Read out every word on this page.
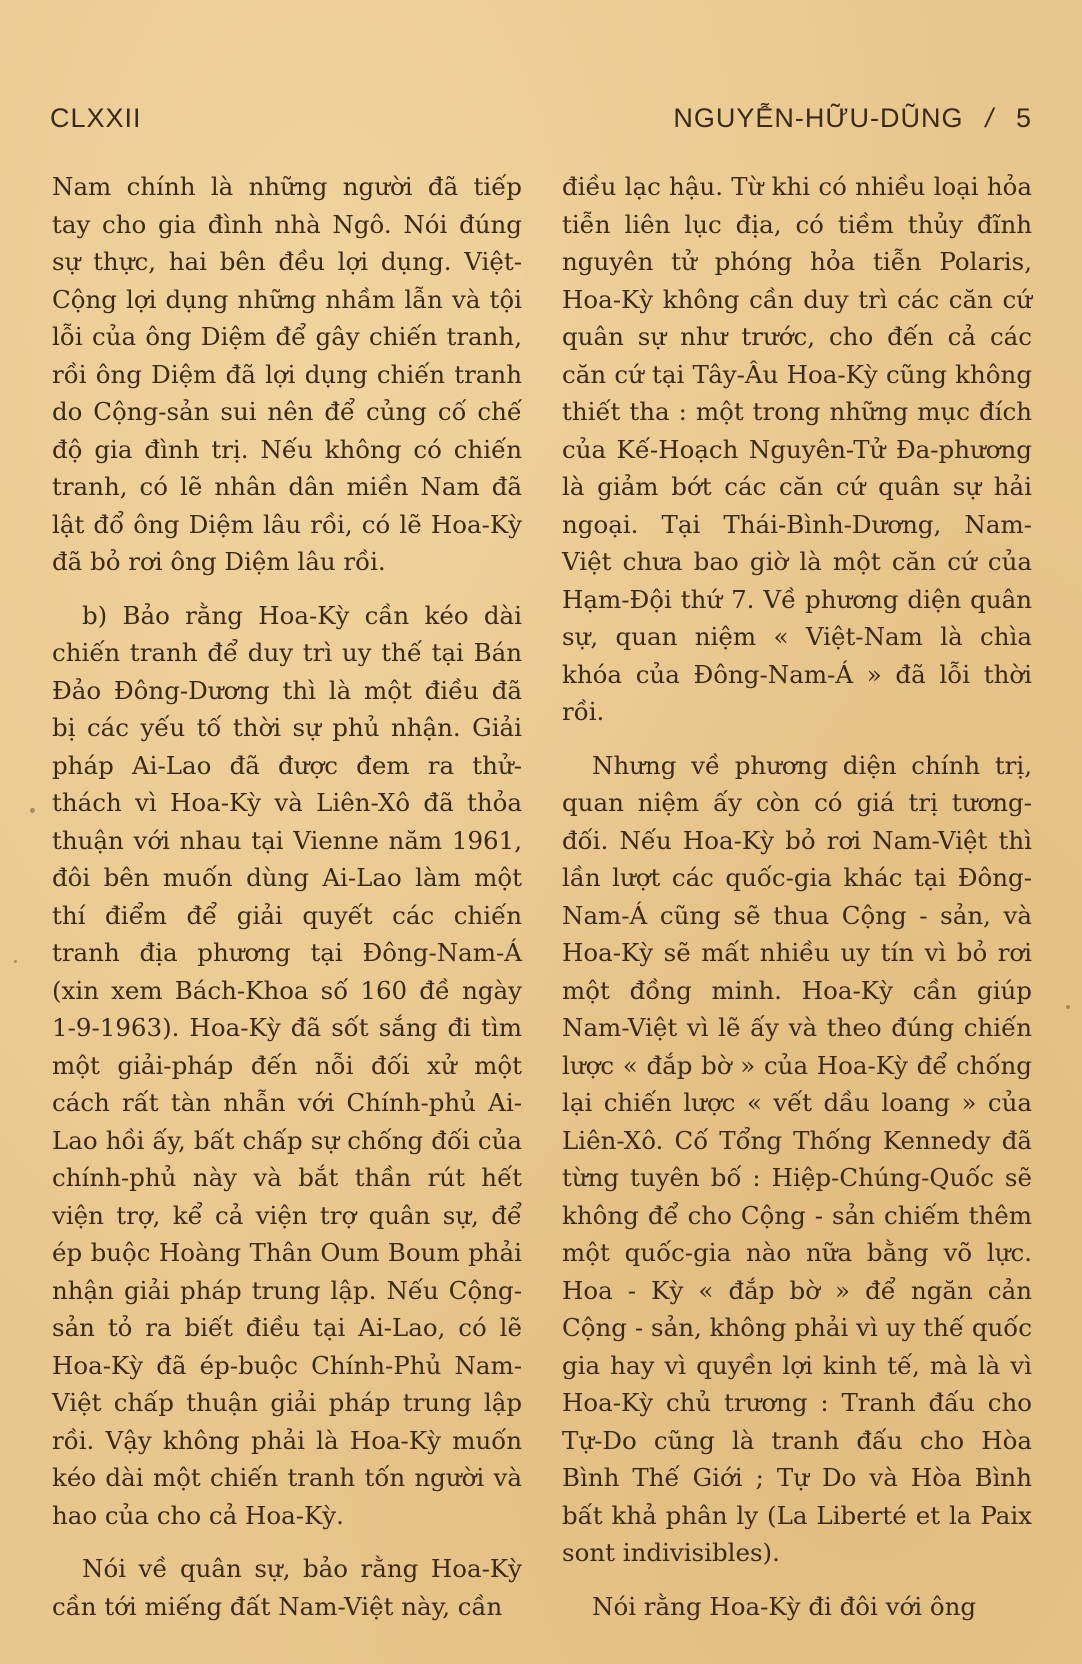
CLXXII	NGUYỄN-HỮU-DŨNG / 5

Nam chính là những người đã tiếp tay cho gia đình nhà Ngô. Nói đúng sự thực, hai bên đều lợi dụng. Việt-Cộng lợi dụng những nhầm lẫn và tội lỗi của ông Diệm để gây chiến tranh, rồi ông Diệm đã lợi dụng chiến tranh do Cộng-sản sui nên để củng cố chế độ gia đình trị. Nếu không có chiến tranh, có lẽ nhân dân miền Nam đã lật đổ ông Diệm lâu rồi, có lẽ Hoa-Kỳ đã bỏ rơi ông Diệm lâu rồi.

b) Bảo rằng Hoa-Kỳ cần kéo dài chiến tranh để duy trì uy thế tại Bán Đảo Đông-Dương thì là một điều đã bị các yếu tố thời sự phủ nhận. Giải pháp Ai-Lao đã được đem ra thử-thách vì Hoa-Kỳ và Liên-Xô đã thỏa thuận với nhau tại Vienne năm 1961, đôi bên muốn dùng Ai-Lao làm một thí điểm để giải quyết các chiến tranh địa phương tại Đông-Nam-Á (xin xem Bách-Khoa số 160 đề ngày 1-9-1963). Hoa-Kỳ đã sốt sắng đi tìm một giải-pháp đến nỗi đối xử một cách rất tàn nhẫn với Chính-phủ Ai-Lao hồi ấy, bất chấp sự chống đối của chính-phủ này và bắt thần rút hết viện trợ, kể cả viện trợ quân sự, để ép buộc Hoàng Thân Oum Boum phải nhận giải pháp trung lập. Nếu Cộng-sản tỏ ra biết điều tại Ai-Lao, có lẽ Hoa-Kỳ đã ép-buộc Chính-Phủ Nam-Việt chấp thuận giải pháp trung lập rồi. Vậy không phải là Hoa-Kỳ muốn kéo dài một chiến tranh tốn người và hao của cho cả Hoa-Kỳ.

Nói về quân sự, bảo rằng Hoa-Kỳ cần tới miếng đất Nam-Việt này, cần

điều lạc hậu. Từ khi có nhiều loại hỏa tiễn liên lục địa, có tiềm thủy đĩnh nguyên tử phóng hỏa tiễn Polaris, Hoa-Kỳ không cần duy trì các căn cứ quân sự như trước, cho đến cả các căn cứ tại Tây-Âu Hoa-Kỳ cũng không thiết tha : một trong những mục đích của Kế-Hoạch Nguyên-Tử Đa-phương là giảm bớt các căn cứ quân sự hải ngoại. Tại Thái-Bình-Dương, Nam-Việt chưa bao giờ là một căn cứ của Hạm-Đội thứ 7. Về phương diện quân sự, quan niệm « Việt-Nam là chìa khóa của Đông-Nam-Á » đã lỗi thời rồi.

Nhưng về phương diện chính trị, quan niệm ấy còn có giá trị tương-đối. Nếu Hoa-Kỳ bỏ rơi Nam-Việt thì lần lượt các quốc-gia khác tại Đông-Nam-Á cũng sẽ thua Cộng - sản, và Hoa-Kỳ sẽ mất nhiều uy tín vì bỏ rơi một đồng minh. Hoa-Kỳ cần giúp Nam-Việt vì lẽ ấy và theo đúng chiến lược « đắp bờ » của Hoa-Kỳ để chống lại chiến lược « vết dầu loang » của Liên-Xô. Cố Tổng Thống Kennedy đã từng tuyên bố : Hiệp-Chúng-Quốc sẽ không để cho Cộng - sản chiếm thêm một quốc-gia nào nữa bằng võ lực. Hoa - Kỳ « đắp bờ » để ngăn cản Cộng - sản, không phải vì uy thế quốc gia hay vì quyền lợi kinh tế, mà là vì Hoa-Kỳ chủ trương : Tranh đấu cho Tự-Do cũng là tranh đấu cho Hòa Bình Thế Giới ; Tự Do và Hòa Bình bất khả phân ly (La Liberté et la Paix sont indivisibles).

Nói rằng Hoa-Kỳ đi đôi với ông
